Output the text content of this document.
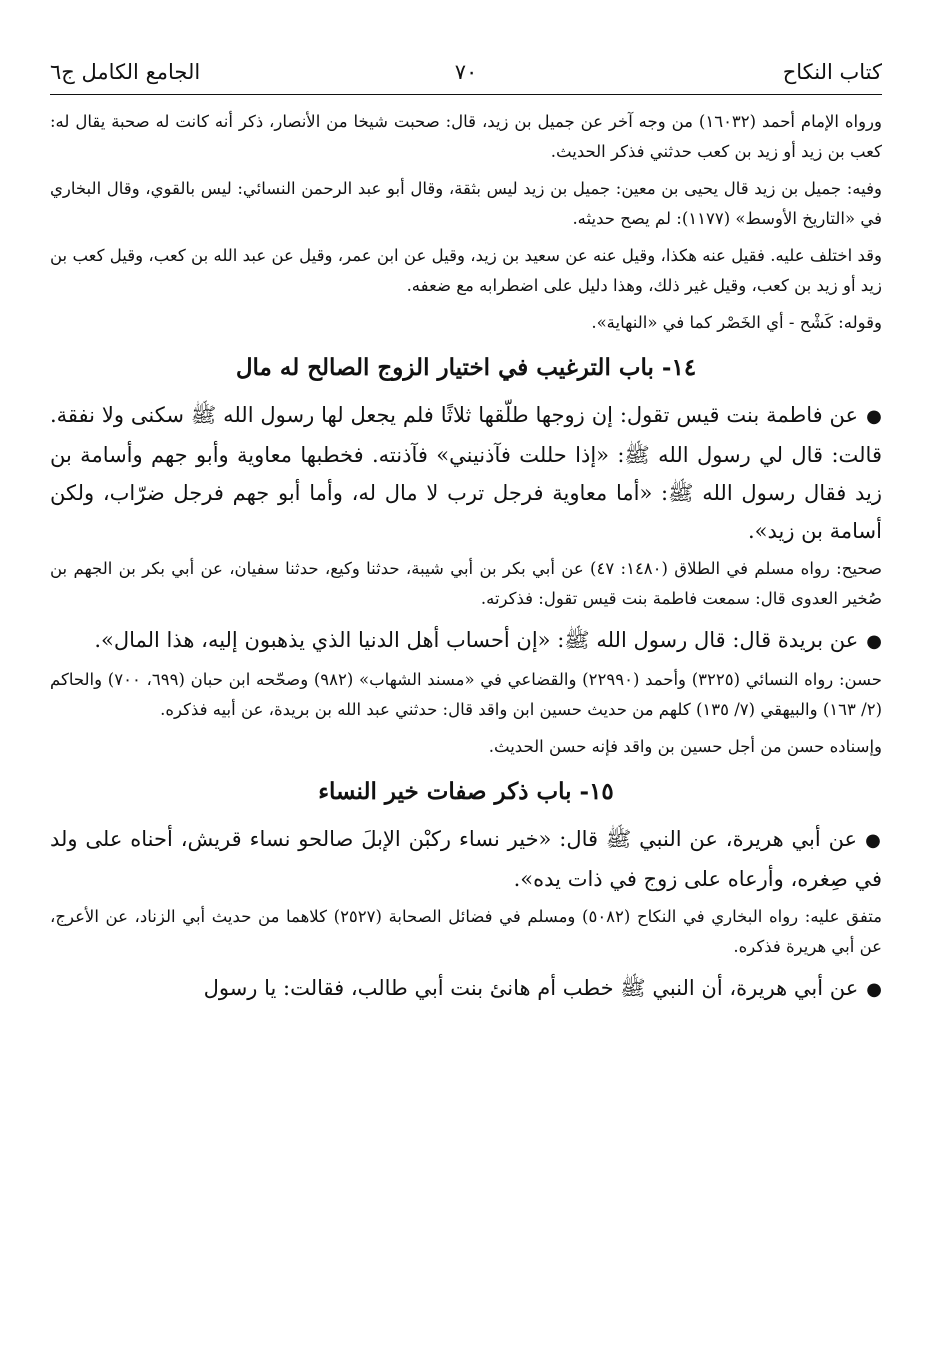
كتاب النكاح
٧٠
الجامع الكامل ج٦

ورواه الإمام أحمد (١٦٠٣٢) من وجه آخر عن جميل بن زيد، قال: صحبت شيخا من الأنصار، ذكر أنه كانت له صحبة يقال له: كعب بن زيد أو زيد بن كعب حدثني فذكر الحديث.

وفيه: جميل بن زيد قال يحيى بن معين: جميل بن زيد ليس بثقة، وقال أبو عبد الرحمن النسائي: ليس بالقوي، وقال البخاري في «التاريخ الأوسط» (١١٧٧): لم يصح حديثه.

وقد اختلف عليه. فقيل عنه هكذا، وقيل عنه عن سعيد بن زيد، وقيل عن ابن عمر، وقيل عن عبد الله بن كعب، وقيل كعب بن زيد أو زيد بن كعب، وقيل غير ذلك، وهذا دليل على اضطرابه مع ضعفه.

وقوله: كَشْح - أي الخَصْر كما في «النهاية».

١٤- باب الترغيب في اختيار الزوج الصالح له مال

●عن فاطمة بنت قيس تقول: إن زوجها طلّقها ثلاثًا فلم يجعل لها رسول الله ﷺ سكنى ولا نفقة. قالت: قال لي رسول الله ﷺ: «إذا حللت فآذنيني» فآذنته. فخطبها معاوية وأبو جهم وأسامة بن زيد فقال رسول الله ﷺ: «أما معاوية فرجل ترب لا مال له، وأما أبو جهم فرجل ضرّاب، ولكن أسامة بن زيد».

صحيح: رواه مسلم في الطلاق (١٤٨٠: ٤٧) عن أبي بكر بن أبي شيبة، حدثنا وكيع، حدثنا سفيان، عن أبي بكر بن الجهم بن صُخير العدوى قال: سمعت فاطمة بنت قيس تقول: فذكرته.

●عن بريدة قال: قال رسول الله ﷺ: «إن أحساب أهل الدنيا الذي يذهبون إليه، هذا المال».

حسن: رواه النسائي (٣٢٢٥) وأحمد (٢٢٩٩٠) والقضاعي في «مسند الشهاب» (٩٨٢) وصحّحه ابن حبان (٦٩٩، ٧٠٠) والحاكم (٢/ ١٦٣) والبيهقي (٧/ ١٣٥) كلهم من حديث حسين ابن واقد قال: حدثني عبد الله بن بريدة، عن أبيه فذكره.

وإسناده حسن من أجل حسين بن واقد فإنه حسن الحديث.

١٥- باب ذكر صفات خير النساء

●عن أبي هريرة، عن النبي ﷺ قال: «خير نساء ركبْن الإبلَ صالحو نساء قريش، أحناه على ولد في صِغره، وأرعاه على زوج في ذات يده».

متفق عليه: رواه البخاري في النكاح (٥٠٨٢) ومسلم في فضائل الصحابة (٢٥٢٧) كلاهما من حديث أبي الزناد، عن الأعرج، عن أبي هريرة فذكره.

●عن أبي هريرة، أن النبي ﷺ خطب أم هانئ بنت أبي طالب، فقالت: يا رسول
